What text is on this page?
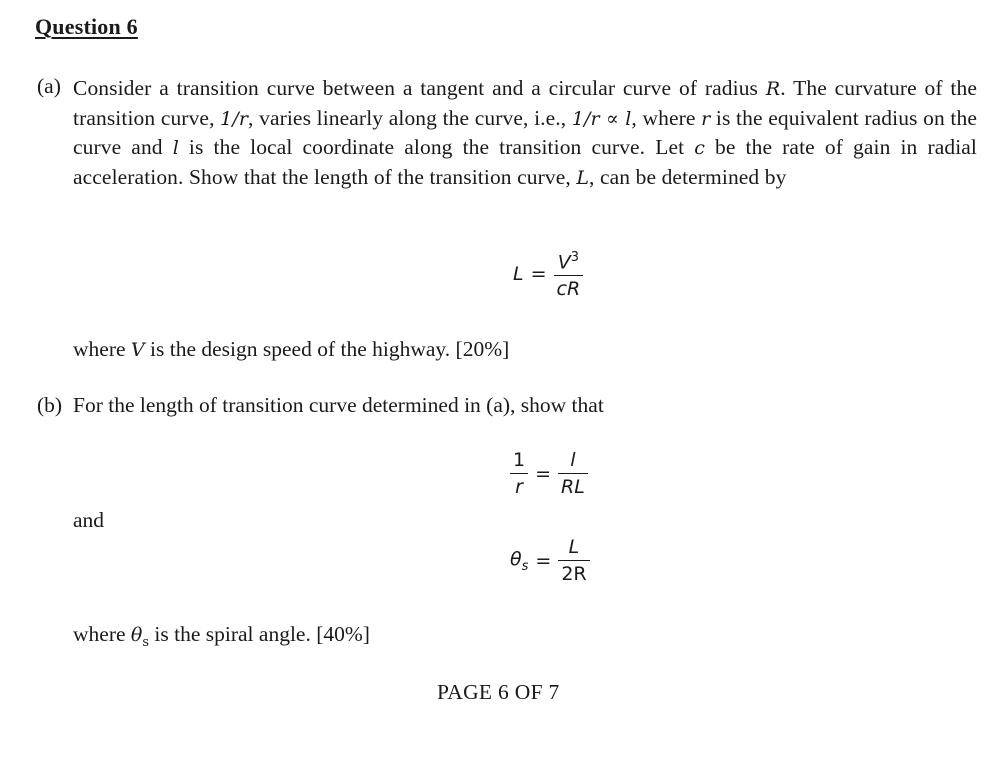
Question 6
(a) Consider a transition curve between a tangent and a circular curve of radius R. The curvature of the transition curve, 1/r, varies linearly along the curve, i.e., 1/r ∝ l, where r is the equivalent radius on the curve and l is the local coordinate along the transition curve. Let c be the rate of gain in radial acceleration. Show that the length of the transition curve, L, can be determined by
$L = \frac{V^3}{cR}$
where V is the design speed of the highway. [20%]
(b) For the length of transition curve determined in (a), show that
$\frac{1}{r} = \frac{l}{RL}$
and
$\theta_s = \frac{L}{2R}$
where $\theta_s$ is the spiral angle. [40%]
PAGE 6 OF 7
